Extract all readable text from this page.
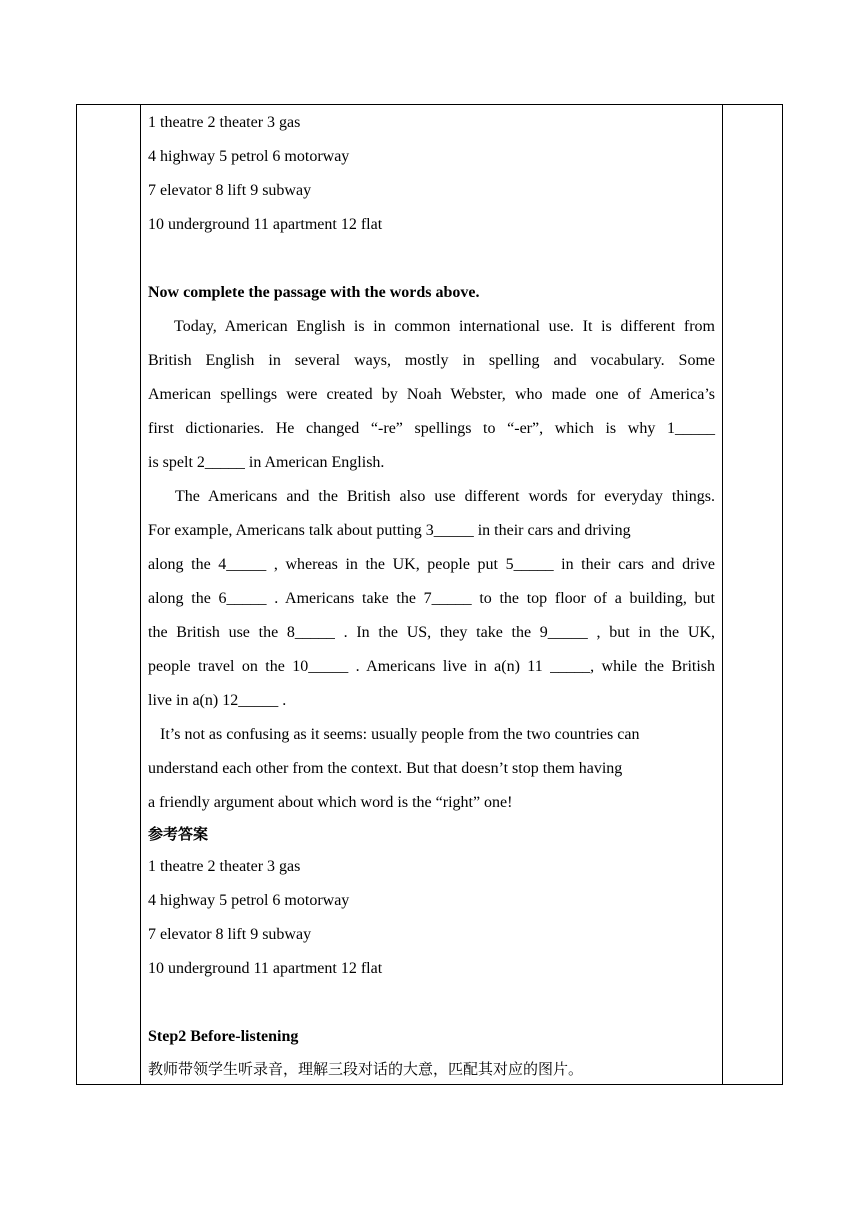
1 theatre 2 theater 3 gas
4 highway 5 petrol 6 motorway
7 elevator 8 lift 9 subway
10 underground 11 apartment 12 flat
Now complete the passage with the words above.
Today, American English is in common international use. It is different from
British English in several ways, mostly in spelling and vocabulary. Some
American spellings were created by Noah Webster, who made one of America’s
first dictionaries. He changed “-re” spellings to “-er”, which is why 1_____
is spelt 2_____ in American English.
The Americans and the British also use different words for everyday things.
For example, Americans talk about putting 3_____ in their cars and driving
along the 4_____ , whereas in the UK, people put 5_____ in their cars and drive
along the 6_____ . Americans take the 7_____ to the top floor of a building, but
the British use the 8_____ . In the US, they take the 9_____ , but in the UK,
people travel on the 10_____ . Americans live in a(n) 11 _____, while the British
live in a(n) 12_____ .
It’s not as confusing as it seems: usually people from the two countries can
understand each other from the context. But that doesn’t stop them having
a friendly argument about which word is the “right” one!
参考答案
1 theatre 2 theater 3 gas
4 highway 5 petrol 6 motorway
7 elevator 8 lift 9 subway
10 underground 11 apartment 12 flat
Step2 Before-listening
教师带领学生听录音，理解三段对话的大意，匹配其对应的图片。
